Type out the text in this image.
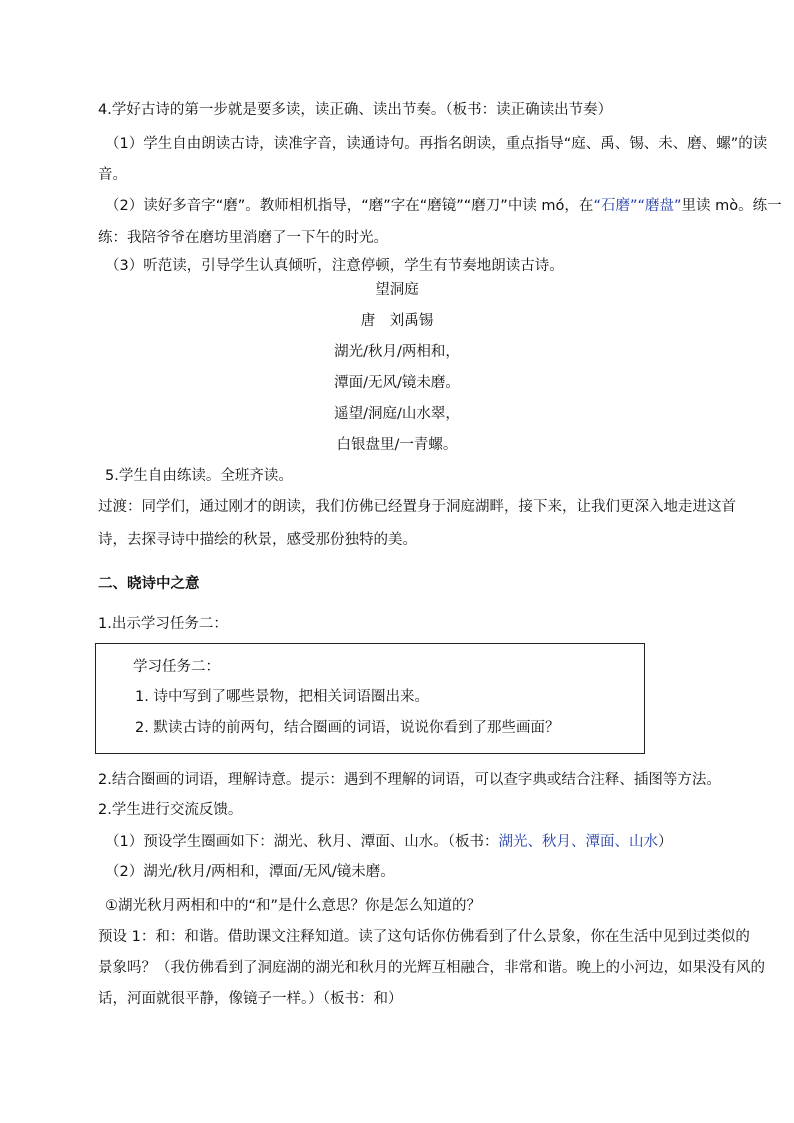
4.学好古诗的第一步就是要多读，读正确、读出节奏。（板书：读正确读出节奏）
（1）学生自由朗读古诗，读准字音，读通诗句。再指名朗读，重点指导“庭、禹、锡、未、磨、螺”的读
音。
（2）读好多音字“磨”。教师相机指导，“磨”字在“磨镜”“磨刀”中读 mó，在“石磨”“磨盘”里读 mò。练一
练：我陪爷爷在磨坊里消磨了一下午的时光。
（3）听范读，引导学生认真倾听，注意停顿，学生有节奏地朗读古诗。
望洞庭
唐　刘禹锡
湖光/秋月/两相和，
潭面/无风/镜未磨。
遥望/洞庭/山水翠，
白银盘里/一青螺。
5.学生自由练读。全班齐读。
过渡：同学们，通过刚才的朗读，我们仿佛已经置身于洞庭湖畔，接下来，让我们更深入地走进这首
诗，去探寻诗中描绘的秋景，感受那份独特的美。
二、晓诗中之意
1.出示学习任务二：
学习任务二：
1. 诗中写到了哪些景物，把相关词语圈出来。
2. 默读古诗的前两句，结合圈画的词语，说说你看到了那些画面？
2.结合圈画的词语，理解诗意。提示：遇到不理解的词语，可以查字典或结合注释、插图等方法。
2.学生进行交流反馈。
（1）预设学生圈画如下：湖光、秋月、潭面、山水。（板书：湖光、秋月、潭面、山水）
（2）湖光/秋月/两相和，潭面/无风/镜未磨。
①湖光秋月两相和中的“和”是什么意思？你是怎么知道的？
预设 1：和：和谐。借助课文注释知道。读了这句话你仿佛看到了什么景象，你在生活中见到过类似的
景象吗？（我仿佛看到了洞庭湖的湖光和秋月的光辉互相融合，非常和谐。晚上的小河边，如果没有风的
话，河面就很平静，像镜子一样。）（板书：和）
